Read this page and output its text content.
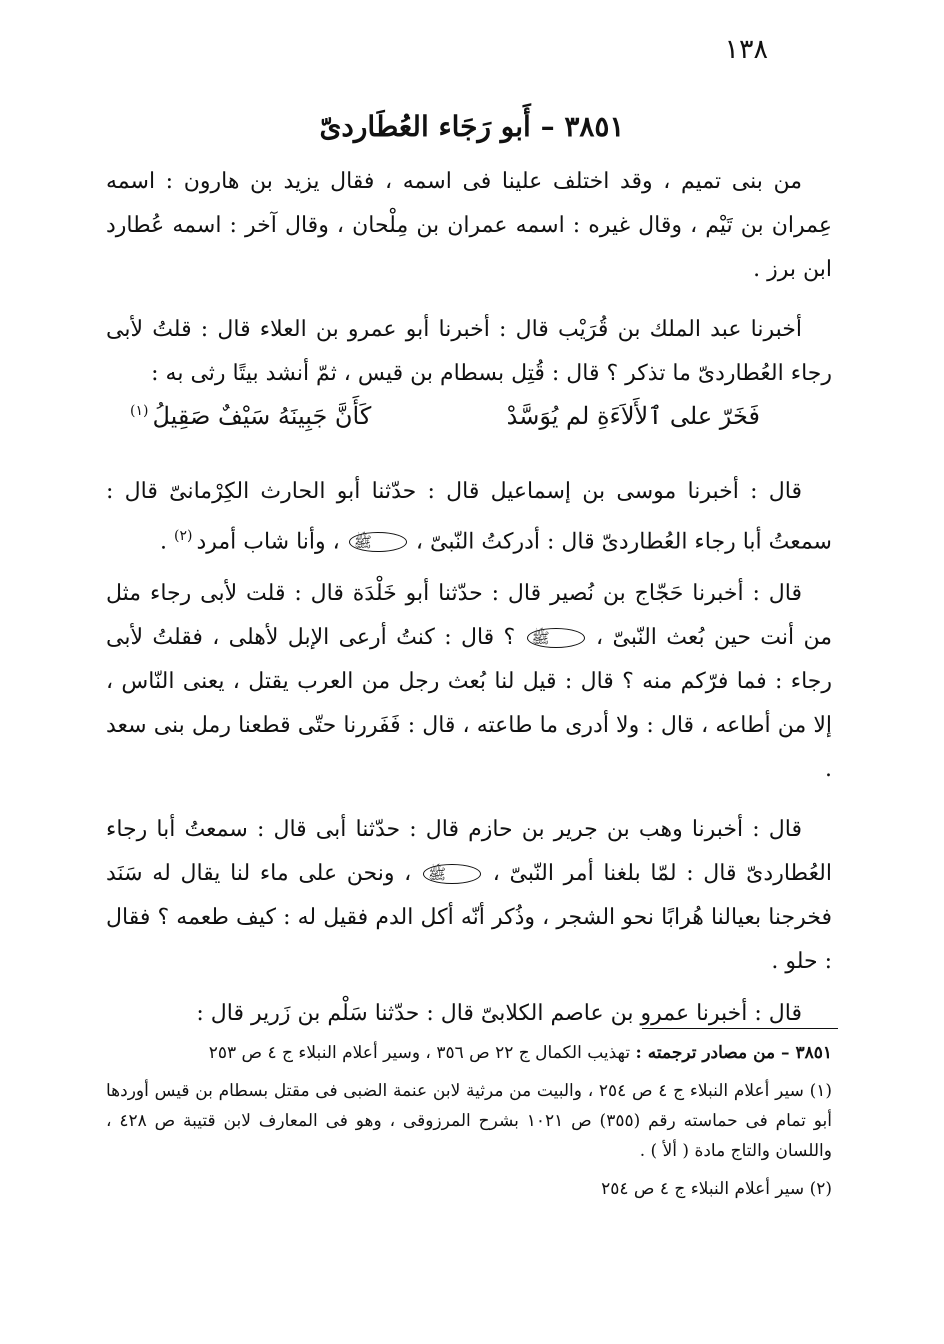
١٣٨
٣٨٥١ – أَبو رَجَاء العُطَاردىّ

من بنى تميم ، وقد اختلف علينا فى اسمه ، فقال يزيد بن هارون : اسمه عِمران بن تَيْم ، وقال غيره : اسمه عمران بن مِلْحان ، وقال آخر : اسمه عُطارد ابن برز .

أخبرنا عبد الملك بن قُرَيْب قال : أخبرنا أبو عمرو بن العلاء قال : قلتُ لأبى رجاء العُطاردىّ ما تذكر ؟ قال : قُتِل بسطام بن قيس ، ثمّ أنشد بيتًا رثى به :

فَخَرّ على ٱلأَلاَءَةِ لم يُوَسَّدْ
كَأَنَّ جَبِينَهُ سَيْفٌ صَقِيلُ$^{(١)}$

قال : أخبرنا موسى بن إسماعيل قال : حدّثنا أبو الحارث الكِرْمانىّ قال : سمعتُ أبا رجاء العُطاردىّ قال : أدركتُ النّبىّ ، ﷺ ، وأنا شاب أمرد$^{(٢)}$ .

قال : أخبرنا حَجّاج بن نُصير قال : حدّثنا أبو خَلْدَة قال : قلت لأبى رجاء مثل من أنت حين بُعث النّبىّ ، ﷺ ؟ قال : كنتُ أرعى الإبل لأهلى ، فقلتُ لأبى رجاء : فما فرّكم منه ؟ قال : قيل لنا بُعث رجل من العرب يقتل ، يعنى النّاس ، إلا من أطاعه ، قال : ولا أدرى ما طاعته ، قال : فَفَررنا حتّى قطعنا رمل بنى سعد .

قال : أخبرنا وهب بن جرير بن حازم قال : حدّثنا أبى قال : سمعتُ أبا رجاء العُطاردىّ قال : لمّا بلغنا أمر النّبىّ ، ﷺ ، ونحن على ماء لنا يقال له سَنَد فخرجنا بعيالنا هُرابًا نحو الشجر ، وذُكر أنّه أكل الدم فقيل له : كيف طعمه ؟ فقال : حلو .

قال : أخبرنا عمرو بن عاصم الكلابىّ قال : حدّثنا سَلْم بن زَرير قال :

٣٨٥١ – من مصادر ترجمته : تهذيب الكمال ج ٢٢ ص ٣٥٦ ، وسير أعلام النبلاء ج ٤ ص ٢٥٣

(١) سير أعلام النبلاء ج ٤ ص ٢٥٤ ، والبيت من مرثية لابن عنمة الضبى فى مقتل بسطام بن قيس أوردها أبو تمام فى حماسته رقم (٣٥٥) ص ١٠٢١ بشرح المرزوقى ، وهو فى المعارف لابن قتيبة ص ٤٢٨ ، واللسان والتاج مادة ( ألأ ) .

(٢) سير أعلام النبلاء ج ٤ ص ٢٥٤
